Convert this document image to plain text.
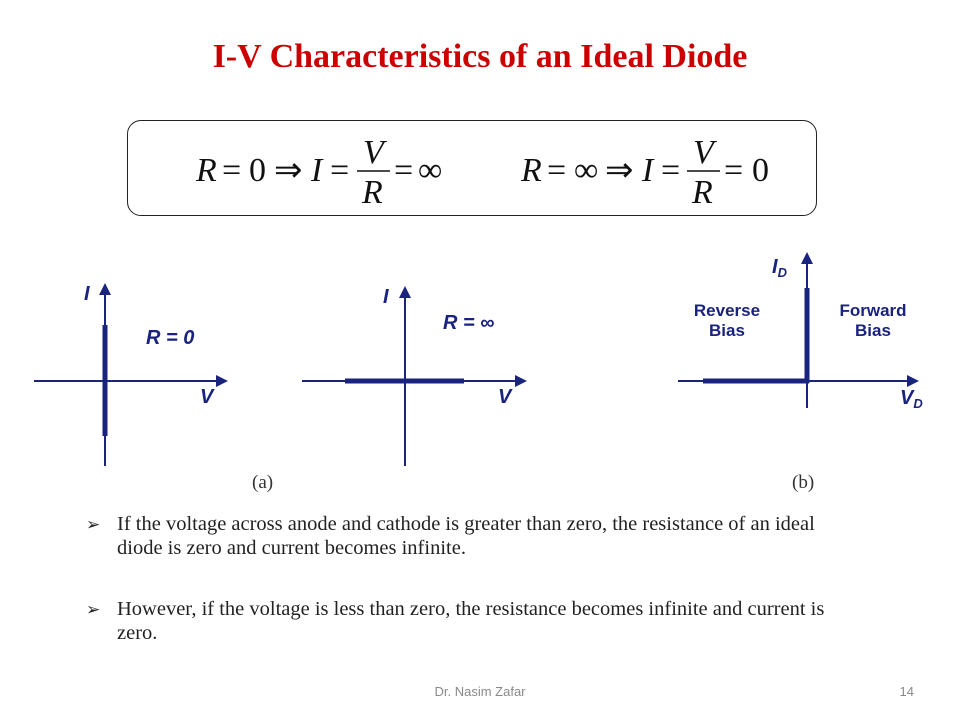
I-V Characteristics of an Ideal Diode
R = 0 ⇒ I = V
R
= ∞ R = ∞ ⇒ I = V
R
= 0
I
V
R = 0
I
V
R = ∞
$I_D$
$V_D$
Reverse
Bias
Forward
Bias
(a)	(b)
➢ If the voltage across anode and cathode is greater than zero, the resistance of an ideal diode is zero and current becomes infinite.
➢ However, if the voltage is less than zero, the resistance becomes infinite and current is zero.
Dr. Nasim Zafar	14
